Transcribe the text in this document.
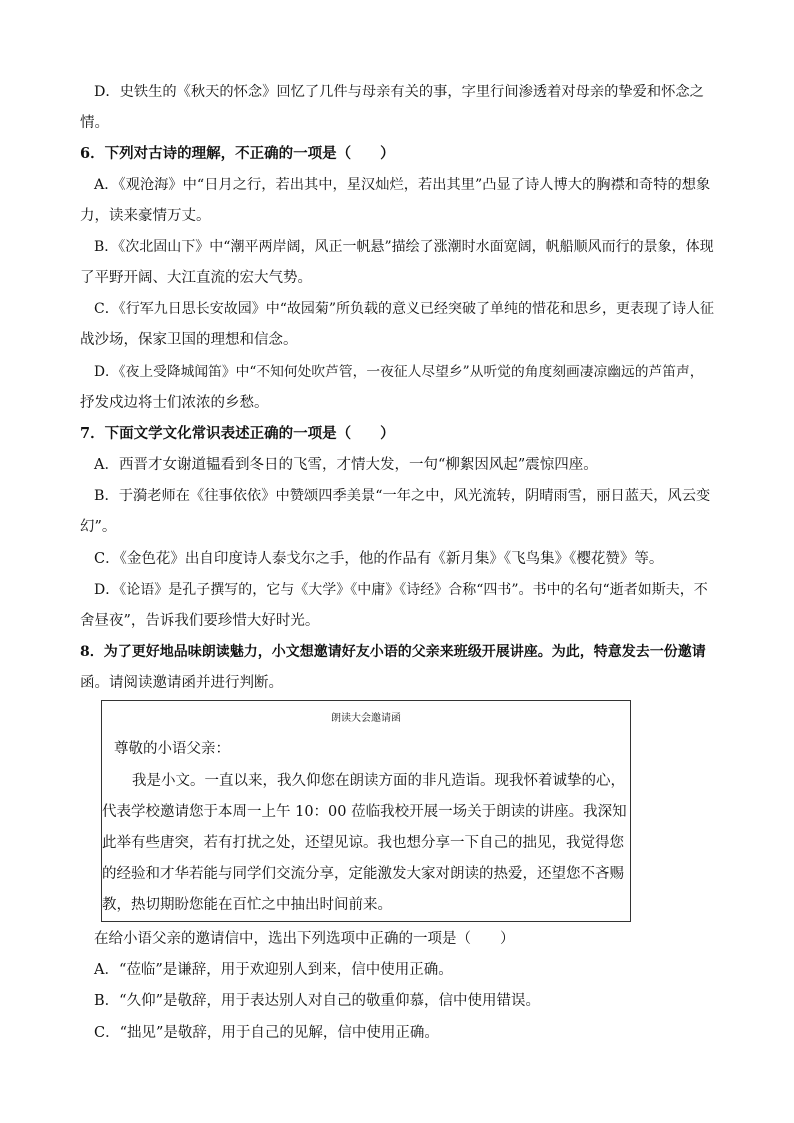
D．史铁生的《秋天的怀念》回忆了几件与母亲有关的事，字里行间渗透着对母亲的挚爱和怀念之
情。
6．下列对古诗的理解，不正确的一项是（　　）
A．《观沧海》中“日月之行，若出其中，星汉灿烂，若出其里”凸显了诗人博大的胸襟和奇特的想象
力，读来豪情万丈。
B．《次北固山下》中“潮平两岸阔，风正一帆悬”描绘了涨潮时水面宽阔，帆船顺风而行的景象，体现
了平野开阔、大江直流的宏大气势。
C．《行军九日思长安故园》中“故园菊”所负载的意义已经突破了单纯的惜花和思乡，更表现了诗人征
战沙场，保家卫国的理想和信念。
D．《夜上受降城闻笛》中“不知何处吹芦管，一夜征人尽望乡”从听觉的角度刻画凄凉幽远的芦笛声，
抒发戍边将士们浓浓的乡愁。
7．下面文学文化常识表述正确的一项是（　　）
A．西晋才女谢道韫看到冬日的飞雪，才情大发，一句“柳絮因风起”震惊四座。
B．于漪老师在《往事依依》中赞颂四季美景“一年之中，风光流转，阴晴雨雪，丽日蓝天，风云变
幻”。
C．《金色花》出自印度诗人泰戈尔之手，他的作品有《新月集》《飞鸟集》《樱花赞》等。
D．《论语》是孔子撰写的，它与《大学》《中庸》《诗经》合称“四书”。书中的名句“逝者如斯夫，不
舍昼夜”，告诉我们要珍惜大好时光。
8．为了更好地品味朗读魅力，小文想邀请好友小语的父亲来班级开展讲座。为此，特意发去一份邀请
函。请阅读邀请函并进行判断。
朗读大会邀请函
尊敬的小语父亲：
我是小文。一直以来，我久仰您在朗读方面的非凡造诣。现我怀着诚挚的心，
代表学校邀请您于本周一上午 10：00 莅临我校开展一场关于朗读的讲座。我深知
此举有些唐突，若有打扰之处，还望见谅。我也想分享一下自己的拙见，我觉得您
的经验和才华若能与同学们交流分享，定能激发大家对朗读的热爱，还望您不吝赐
教，热切期盼您能在百忙之中抽出时间前来。
在给小语父亲的邀请信中，选出下列选项中正确的一项是（　　）
A．“莅临”是谦辞，用于欢迎别人到来，信中使用正确。
B．“久仰”是敬辞，用于表达别人对自己的敬重仰慕，信中使用错误。
C．“拙见”是敬辞，用于自己的见解，信中使用正确。
